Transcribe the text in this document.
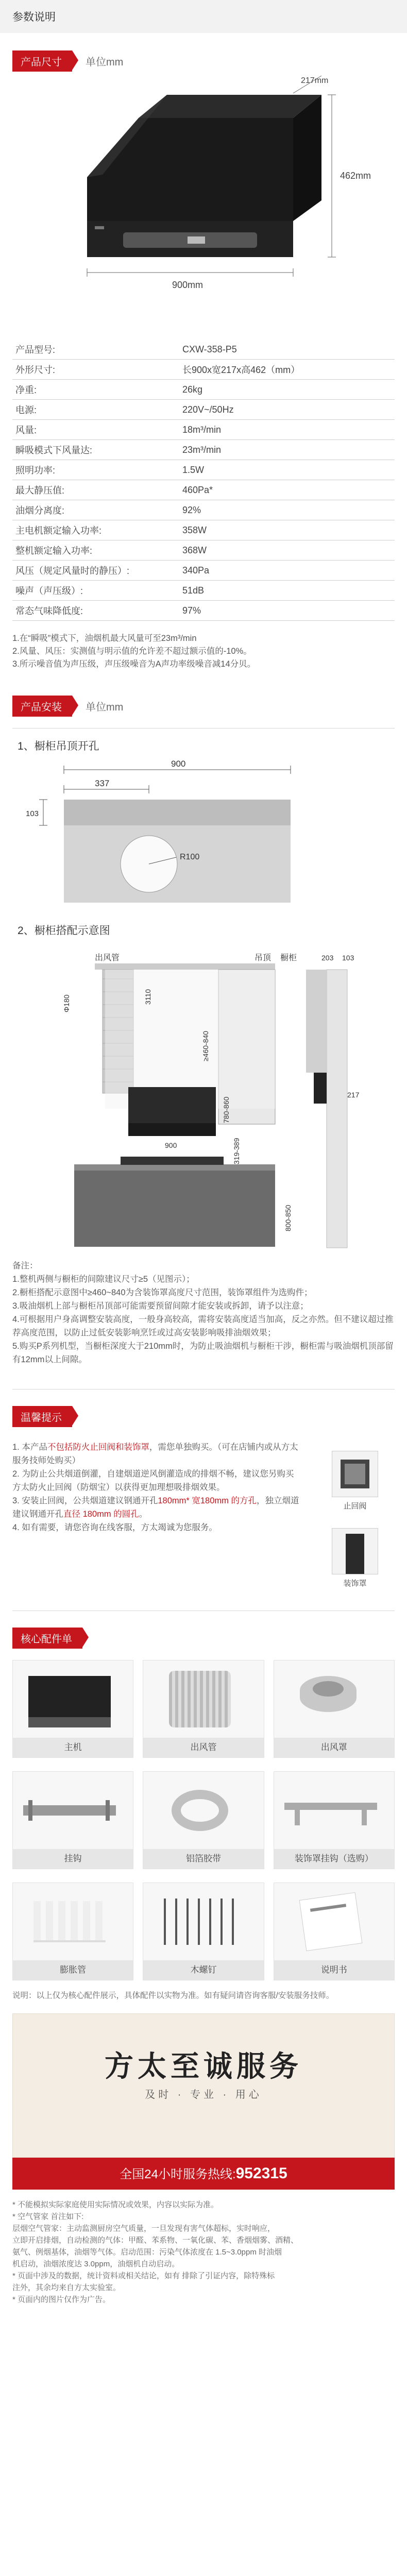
参数说明
产品尺寸	单位mm
217mm
462mm
900mm
产品型号:	CXW-358-P5
外形尺寸:	长900x宽217x高462（mm）
净重:	26kg
电源:	220V~/50Hz
风量:	18m³/min
瞬吸模式下风量达:	23m³/min
照明功率:	1.5W
最大静压值:	460Pa*
油烟分离度:	92%
主电机额定输入功率:	358W
整机额定输入功率:	368W
风压（规定风量时的静压）:	340Pa
噪声（声压级）:	51dB
常态气味降低度:	97%
1.在“瞬吸”模式下，油烟机最大风量可至23m³/min
2.风量、风压：实测值与明示值的允许差不超过额示值的-10%。
3.所示噪音值为声压级，声压级噪音为A声功率级噪音减14分贝。
产品安装	单位mm
1、橱柜吊顶开孔
900
337
R100
103
2、橱柜搭配示意图
出风管
Φ180	3110
橱柜
吊顶
≥460-840
900
780-860
319-389
800-850
203 103
217
备注：
1.整机两侧与橱柜的间隙建议尺寸≥5（见图示）；
2.橱柜搭配示意图中≥460~840为含装饰罩高度尺寸范围，装饰罩组件为选购件；
3.吸油烟机上部与橱柜吊顶部可能需要预留间隙才能安装或拆卸，请予以注意；
4.可根据用户身高调整安装高度，一般身高较高，需将安装高度适当加高，反之亦然。但不建议超过推荐高度范围，以防止过低安装影响烹饪或过高安装影响吸排油烟效果；
5.购买P系列机型，当橱柜深度大于210mm时，为防止吸油烟机与橱柜干涉，橱柜需与吸油烟机顶部留有12mm以上间隙。
温馨提示
1. 本产品不包括防火止回阀和装饰罩，需您单独购买。（可在店铺内或从方太服务技师处购买）
2. 为防止公共烟道倒灌，自建烟道逆风倒灌造成的排烟不畅，建议您另购买方太防火止回阀（防烟宝）以获得更加理想吸排烟效果。
3. 安装止回阀，公共烟道建议钢通开孔180mm* 宽180mm 的方孔，独立烟道建议钢通开孔直径 180mm 的圆孔。
4. 如有需要，请您咨询在线客服，方太竭诚为您服务。
止回阀
装饰罩
核心配件单
主机	出风管	出风罩
挂钩	铝箔胶带	装饰罩挂钩（选购）
膨胀管	木螺钉	说明书
说明：以上仅为核心配件展示，具体配件以实物为准。如有疑问请咨询客服/安装服务技师。
方太至诚服务
及时 · 专业 · 用心
全国24小时服务热线:952315
* 不能模拟实际家庭使用实际情况或效果，内容以实际为准。
* 空气管家 首注如下:
层烟空气管家：主动监测厨房空气质量，一旦发现有害气体超标，实时响应，
立即开启排烟，自动检测的气体：甲醛、苯系物、一氧化碳、苯、香烟烟雾、酒精、
氨气、例烟基体，油烟等气体。启动范围：污染气体浓度在 1.5~3.0ppm 时油烟
机启动，油烟浓度达 3.0ppm，油烟机自动启动。
* 页面中涉及的数据，统计资料或相关结论，如有 排除了引证内容，除特殊标
注外，其余均来自方太实验室。
* 页面内的图片仅作为广告。
